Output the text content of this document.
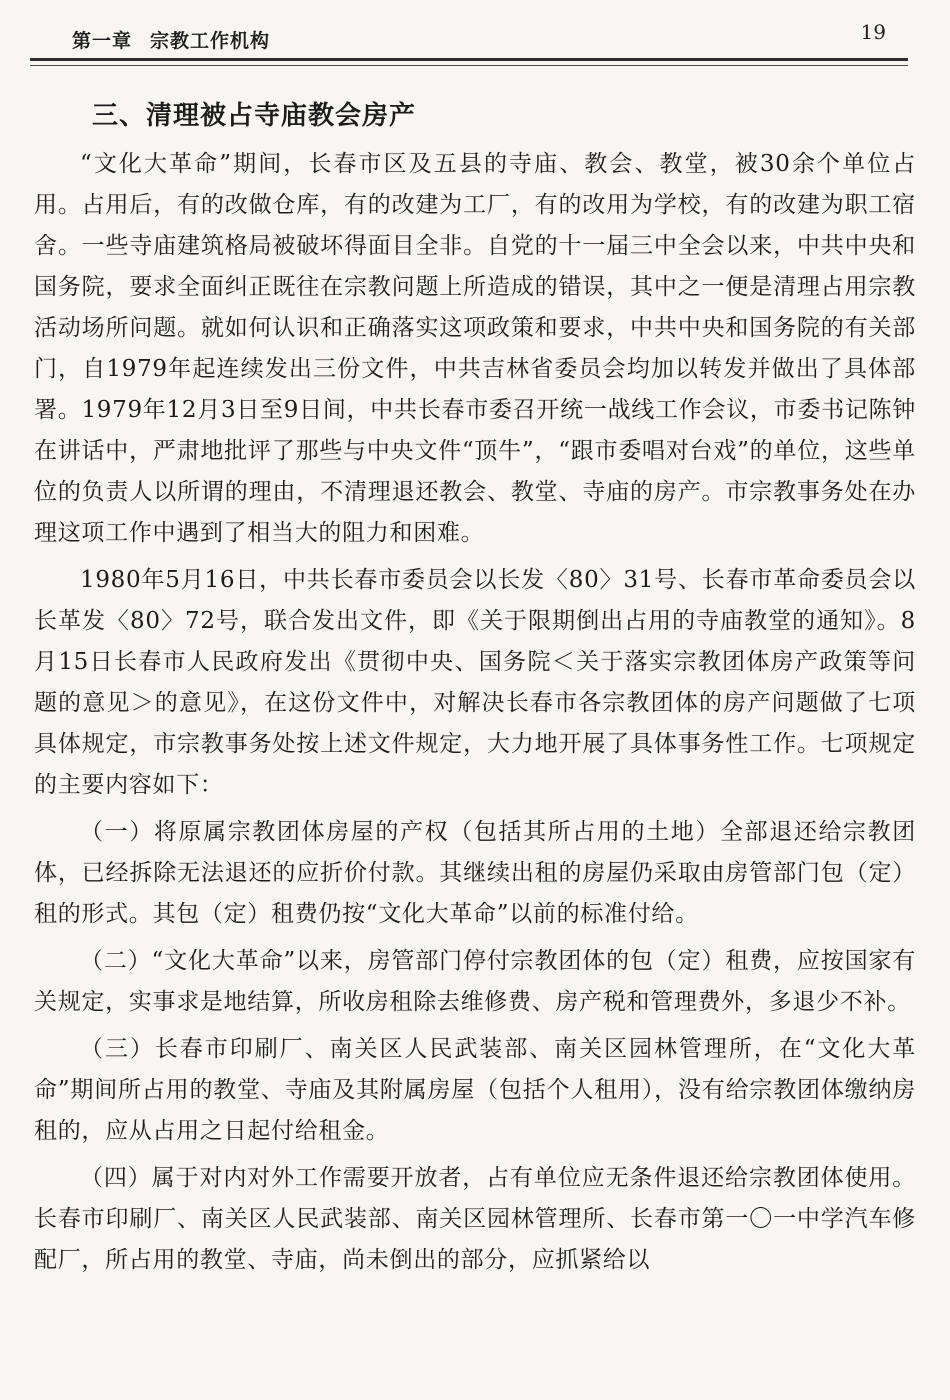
第一章 宗教工作机构	19
三、清理被占寺庙教会房产

“文化大革命”期间，长春市区及五县的寺庙、教会、教堂，被30余个单位占用。占用后，有的改做仓库，有的改建为工厂，有的改用为学校，有的改建为职工宿舍。一些寺庙建筑格局被破坏得面目全非。自党的十一届三中全会以来，中共中央和国务院，要求全面纠正既往在宗教问题上所造成的错误，其中之一便是清理占用宗教活动场所问题。就如何认识和正确落实这项政策和要求，中共中央和国务院的有关部门，自1979年起连续发出三份文件，中共吉林省委员会均加以转发并做出了具体部署。1979年12月3日至9日间，中共长春市委召开统一战线工作会议，市委书记陈钟在讲话中，严肃地批评了那些与中央文件“顶牛”，“跟市委唱对台戏”的单位，这些单位的负责人以所谓的理由，不清理退还教会、教堂、寺庙的房产。市宗教事务处在办理这项工作中遇到了相当大的阻力和困难。

1980年5月16日，中共长春市委员会以长发〈80〉31号、长春市革命委员会以长革发〈80〉72号，联合发出文件，即《关于限期倒出占用的寺庙教堂的通知》。8月15日长春市人民政府发出《贯彻中央、国务院＜关于落实宗教团体房产政策等问题的意见＞的意见》，在这份文件中，对解决长春市各宗教团体的房产问题做了七项具体规定，市宗教事务处按上述文件规定，大力地开展了具体事务性工作。七项规定的主要内容如下：

（一）将原属宗教团体房屋的产权（包括其所占用的土地）全部退还给宗教团体，已经拆除无法退还的应折价付款。其继续出租的房屋仍采取由房管部门包（定）租的形式。其包（定）租费仍按“文化大革命”以前的标准付给。

（二）“文化大革命”以来，房管部门停付宗教团体的包（定）租费，应按国家有关规定，实事求是地结算，所收房租除去维修费、房产税和管理费外，多退少不补。

（三）长春市印刷厂、南关区人民武装部、南关区园林管理所，在“文化大革命”期间所占用的教堂、寺庙及其附属房屋（包括个人租用），没有给宗教团体缴纳房租的，应从占用之日起付给租金。

（四）属于对内对外工作需要开放者，占有单位应无条件退还给宗教团体使用。长春市印刷厂、南关区人民武装部、南关区园林管理所、长春市第一〇一中学汽车修配厂，所占用的教堂、寺庙，尚未倒出的部分，应抓紧给以
